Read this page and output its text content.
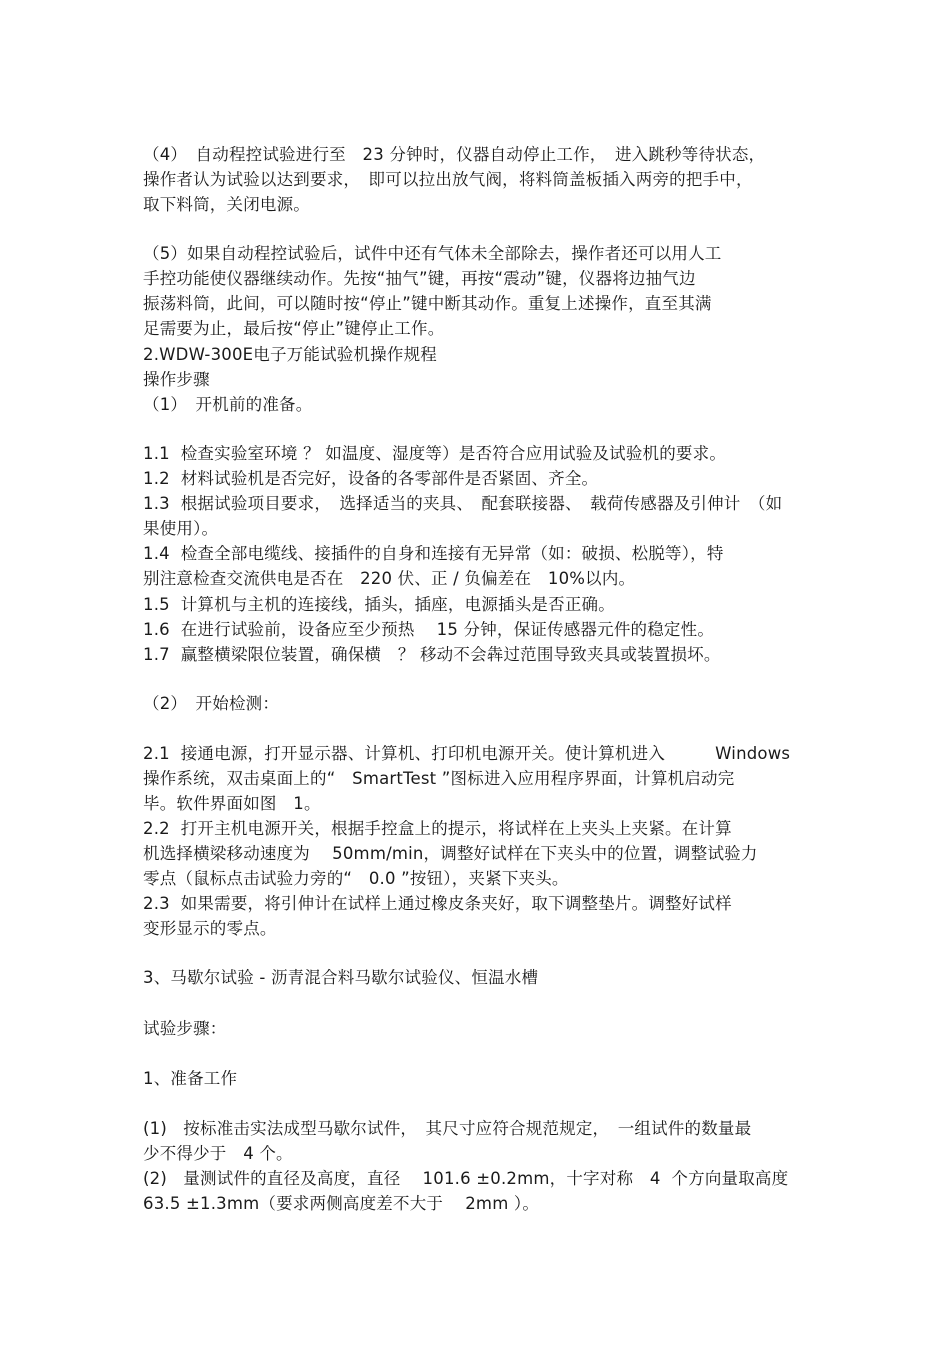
（4）　自动程控试验进行至　23 分钟时，仪器自动停止工作，　进入跳秒等待状态，
操作者认为试验以达到要求，　即可以拉出放气阀，将料筒盖板插入两旁的把手中，
取下料筒，关闭电源。
（5）如果自动程控试验后，试件中还有气体未全部除去，操作者还可以用人工
手控功能使仪器继续动作。先按“抽气”键，再按“震动”键，仪器将边抽气边
振荡料筒，此间，可以随时按“停止”键中断其动作。重复上述操作，直至其满
足需要为止，最后按“停止”键停止工作。
2.WDW-300E电子万能试验机操作规程
操作步骤
（1）　开机前的准备。
1.1  检查实验室环境 ？ 如温度、湿度等）是否符合应用试验及试验机的要求。
1.2  材料试验机是否完好，设备的各零部件是否紧固、齐全。
1.3  根据试验项目要求，　选择适当的夹具、　配套联接器、　载荷传感器及引伸计　（如
果使用）。
1.4  检查全部电缆线、接插件的自身和连接有无异常（如：破损、松脱等），特
别注意检查交流供电是否在　220 伏、正 / 负偏差在　10%以内。
1.5  计算机与主机的连接线，插头，插座，电源插头是否正确。
1.6  在进行试验前，设备应至少预热　 15 分钟，保证传感器元件的稳定性。
1.7  赢整横梁限位装置，确保横　？ 移动不会犇过范围导致夹具或装置损坏。
（2）　开始检测：
2.1  接通电源，打开显示器、计算机、打印机电源开关。使计算机进入　　　Windows
操作系统，双击桌面上的“　SmartTest ”图标进入应用程序界面，计算机启动完
毕。软件界面如图　1。
2.2  打开主机电源开关，根据手控盒上的提示，将试样在上夹头上夹紧。在计算
机选择横梁移动速度为　 50mm/min，调整好试样在下夹头中的位置，调整试验力
零点（鼠标点击试验力旁的“　0.0 ”按钮），夹紧下夹头。
2.3  如果需要，将引伸计在试样上通过橡皮条夹好，取下调整垫片。调整好试样
变形显示的零点。
3、马歇尔试验 - 沥青混合料马歇尔试验仪、恒温水槽
试验步骤：
1、准备工作
(1)   按标准击实法成型马歇尔试件，　其尺寸应符合规范规定，　一组试件的数量最
少不得少于　4 个。
(2)   量测试件的直径及高度，直径　 101.6 ±0.2mm，十字对称　4  个方向量取高度
63.5 ±1.3mm（要求两侧高度差不大于　 2mm ）。
